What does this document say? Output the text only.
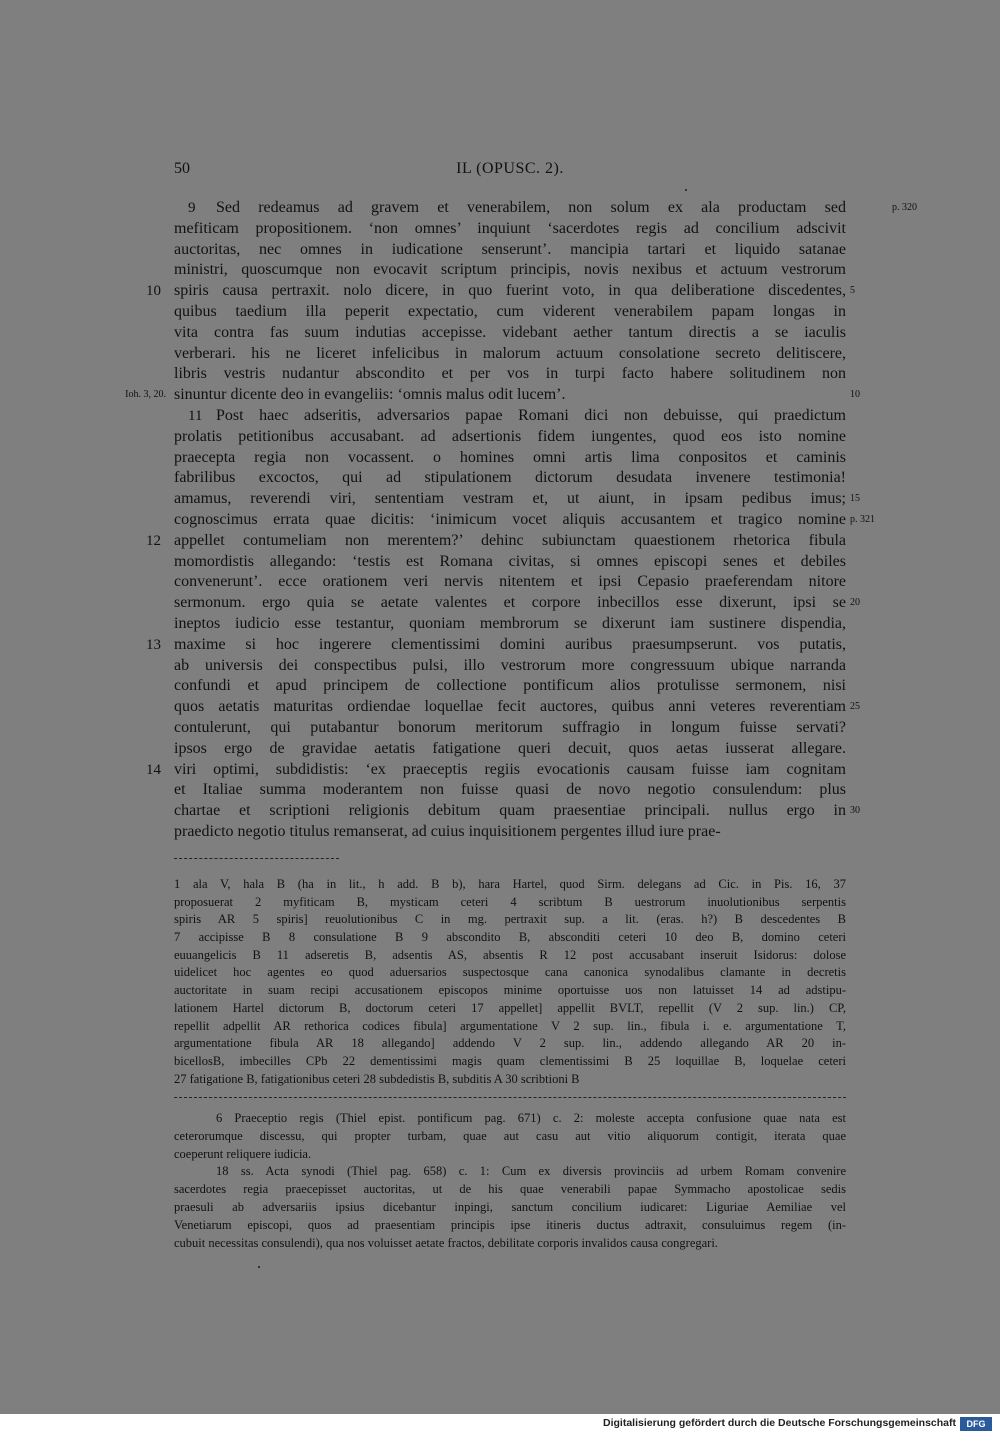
50	IL (OPUSC. 2).
Sed redeamus ad gravem et venerabilem, non solum ex ala productam sed
9	p. 320
mefiticam propositionem. ‘non omnes’ inquiunt ‘sacerdotes regis ad concilium adscivit
auctoritas, nec omnes in iudicatione senserunt’. mancipia tartari et liquido satanae
ministri, quoscumque non evocavit scriptum principis, novis nexibus et actuum vestrorum
spiris causa pertraxit. nolo dicere, in quo fuerint voto, in qua deliberatione discedentes,
10	5
quibus taedium illa peperit expectatio, cum viderent venerabilem papam longas in
vita contra fas suum indutias accepisse. videbant aether tantum directis a se iaculis
verberari. his ne liceret infelicibus in malorum actuum consolatione secreto delitiscere,
libris vestris nudantur abscondito et per vos in turpi facto habere solitudinem non
sinuntur dicente deo in evangeliis: ‘omnis malus odit lucem’.	10
Ioh. 3, 20.
Post haec adseritis, adversarios papae Romani dici non debuisse, qui praedictum
11
prolatis petitionibus accusabant. ad adsertionis fidem iungentes, quod eos isto nomine
praecepta regia non vocassent. o homines omni artis lima conpositos et caminis
fabrilibus excoctos, qui ad stipulationem dictorum desudata invenere testimonia!
amamus, reverendi viri, sententiam vestram et, ut aiunt, in ipsam pedibus imus; 15
cognoscimus errata quae dicitis: ‘inimicum vocet aliquis accusantem et tragico nomine p. 321
appellet contumeliam non merentem?’ dehinc subiunctam quaestionem rhetorica fibula
12
momordistis allegando: ‘testis est Romana civitas, si omnes episcopi senes et debiles
convenerunt’. ecce orationem veri nervis nitentem et ipsi Cepasio praeferendam nitore
sermonum. ergo quia se aetate valentes et corpore inbecillos esse dixerunt, ipsi se 20
ineptos iudicio esse testantur, quoniam membrorum se dixerunt iam sustinere dispendia,
maxime si hoc ingerere clementissimi domini auribus praesumpserunt. vos putatis,
13
ab universis dei conspectibus pulsi, illo vestrorum more congressuum ubique narranda
confundi et apud principem de collectione pontificum alios protulisse sermonem, nisi
quos aetatis maturitas ordiendae loquellae fecit auctores, quibus anni veteres reverentiam 25
contulerunt, qui putabantur bonorum meritorum suffragio in longum fuisse servati?
ipsos ergo de gravidae aetatis fatigatione queri decuit, quos aetas iusserat allegare.
viri optimi, subdidistis: ‘ex praeceptis regiis evocationis causam fuisse iam cognitam
14
et Italiae summa moderantem non fuisse quasi de novo negotio consulendum: plus
chartae et scriptioni religionis debitum quam praesentiae principali. nullus ergo in 30
praedicto negotio titulus remanserat, ad cuius inquisitionem pergentes illud iure prae-
1 ala V, hala B (ha in lit., h add. B b), hara Hartel, quod Sirm. delegans ad Cic. in Pis. 16, 37
proposuerat 2 myfiticam B, mysticam ceteri 4 scribtum B uestrorum inuolutionibus serpentis
spiris AR 5 spiris] reuolutionibus C in mg. pertraxit sup. a lit. (eras. h?) B descedentes B
7 accipisse B 8 consulatione B 9 abscondito B, absconditi ceteri 10 deo B, domino ceteri
euuangelicis B 11 adseretis B, adsentis AS, absentis R 12 post accusabant inseruit Isidorus: dolose
uidelicet hoc agentes eo quod aduersarios suspectosque cana canonica synodalibus clamante in decretis
auctoritate in suam recipi accusationem episcopos minime oportuisse uos non latuisset 14 ad adstipu-
lationem Hartel dictorum B, doctorum ceteri 17 appellet] appellit BVLT, repellit (V 2 sup. lin.) CP,
repellit adpellit AR rethorica codices fibula] argumentatione V 2 sup. lin., fibula i. e. argumentatione T,
argumentatione fibula AR 18 allegando] addendo V 2 sup. lin., addendo allegando AR 20 in-
bicellosB, imbecilles CPb 22 dementissimi magis quam clementissimi B 25 loquillae B, loquelae ceteri
27 fatigatione B, fatigationibus ceteri 28 subdedistis B, subditis A 30 scribtioni B
6 Praeceptio regis (Thiel epist. pontificum pag. 671) c. 2: moleste accepta confusione quae nata est
ceterorumque discessu, qui propter turbam, quae aut casu aut vitio aliquorum contigit, iterata quae
coeperunt reliquere iudicia.
18 ss. Acta synodi (Thiel pag. 658) c. 1: Cum ex diversis provinciis ad urbem Romam convenire
sacerdotes regia praecepisset auctoritas, ut de his quae venerabili papae Symmacho apostolicae sedis
praesuli ab adversariis ipsius dicebantur inpingi, sanctum concilium iudicaret: Liguriae Aemiliae vel
Venetiarum episcopi, quos ad praesentiam principis ipse itineris ductus adtraxit, consuluimus regem (in-
cubuit necessitas consulendi), qua nos voluisset aetate fractos, debilitate corporis invalidos causa congregari.
Digitalisierung gefördert durch die Deutsche Forschungsgemeinschaft	DFG
